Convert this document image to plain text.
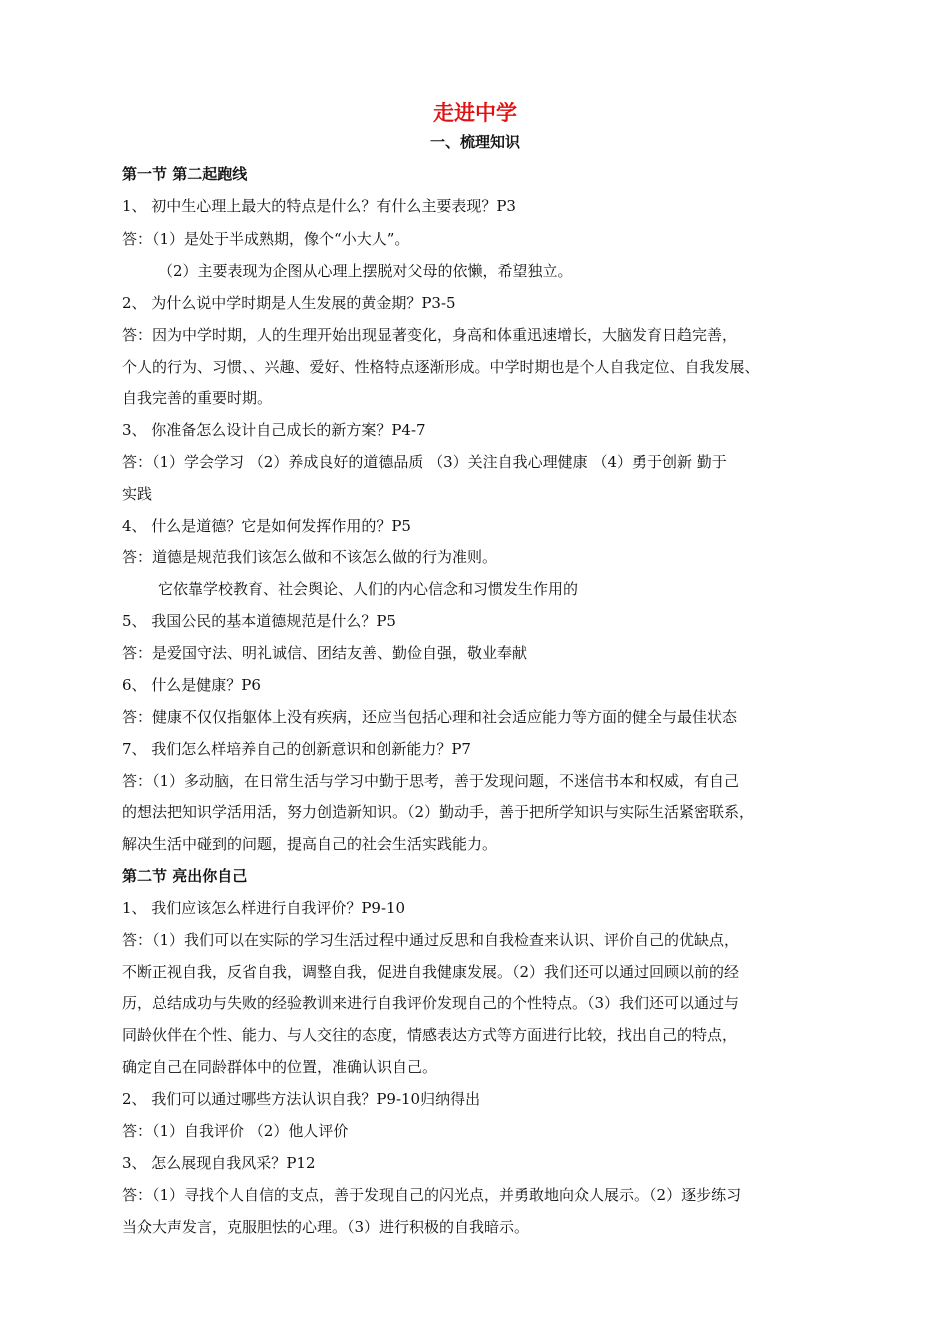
走进中学
一、梳理知识
第一节 第二起跑线
1、 初中生心理上最大的特点是什么？有什么主要表现？P3
答：（1）是处于半成熟期，像个“小大人”。
（2）主要表现为企图从心理上摆脱对父母的依懒，希望独立。
2、 为什么说中学时期是人生发展的黄金期？P3-5
答：因为中学时期，人的生理开始出现显著变化，身高和体重迅速增长，大脑发育日趋完善，
个人的行为、习惯、、兴趣、爱好、性格特点逐渐形成。中学时期也是个人自我定位、自我发展、
自我完善的重要时期。
3、 你准备怎么设计自己成长的新方案？P4-7
答：（1）学会学习 （2）养成良好的道德品质 （3）关注自我心理健康 （4）勇于创新 勤于
实践
4、 什么是道德？它是如何发挥作用的？P5
答：道德是规范我们该怎么做和不该怎么做的行为准则。
它依靠学校教育、社会舆论、人们的内心信念和习惯发生作用的
5、 我国公民的基本道德规范是什么？P5
答：是爱国守法、明礼诚信、团结友善、勤俭自强，敬业奉献
6、 什么是健康？P6
答：健康不仅仅指躯体上没有疾病，还应当包括心理和社会适应能力等方面的健全与最佳状态
7、 我们怎么样培养自己的创新意识和创新能力？P7
答：（1）多动脑，在日常生活与学习中勤于思考，善于发现问题，不迷信书本和权威，有自己
的想法把知识学活用活，努力创造新知识。（2）勤动手，善于把所学知识与实际生活紧密联系，
解决生活中碰到的问题，提高自己的社会生活实践能力。
第二节 亮出你自己
1、 我们应该怎么样进行自我评价？P9-10
答：（1）我们可以在实际的学习生活过程中通过反思和自我检查来认识、评价自己的优缺点，
不断正视自我，反省自我，调整自我，促进自我健康发展。（2）我们还可以通过回顾以前的经
历，总结成功与失败的经验教训来进行自我评价发现自己的个性特点。（3）我们还可以通过与
同龄伙伴在个性、能力、与人交往的态度，情感表达方式等方面进行比较，找出自己的特点，
确定自己在同龄群体中的位置，准确认识自己。
2、 我们可以通过哪些方法认识自我？P9-10归纳得出
答：（1）自我评价 （2）他人评价
3、 怎么展现自我风采？P12
答：（1）寻找个人自信的支点，善于发现自己的闪光点，并勇敢地向众人展示。（2）逐步练习
当众大声发言，克服胆怯的心理。（3）进行积极的自我暗示。
